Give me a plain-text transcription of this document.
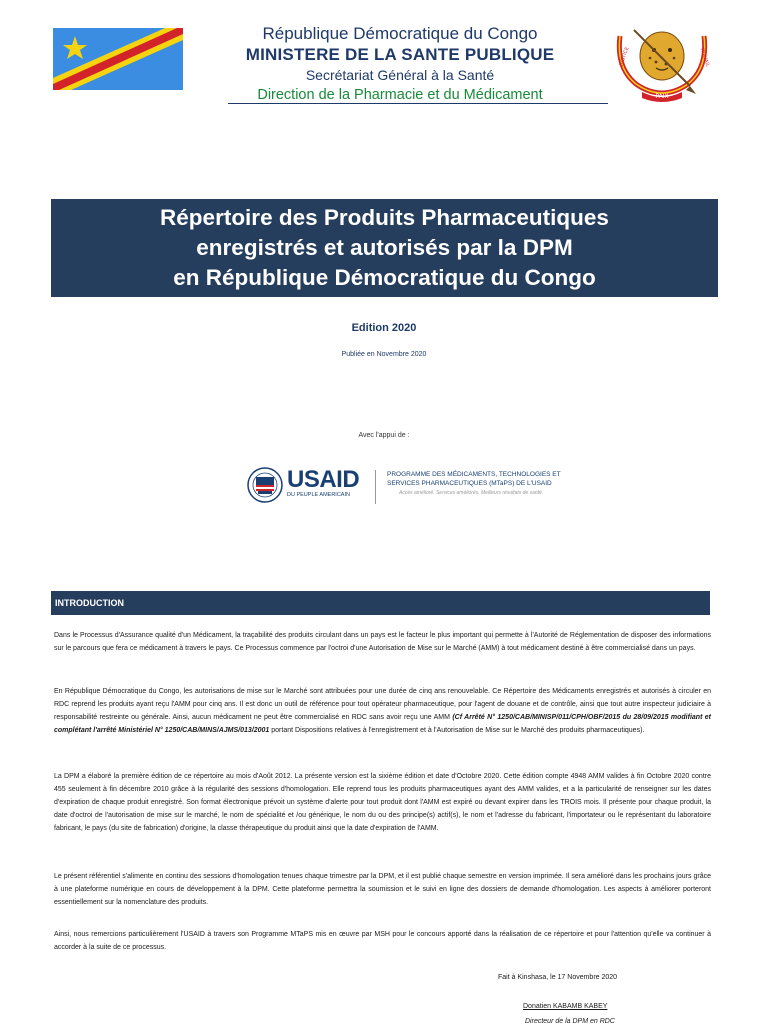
République Démocratique du Congo
MINISTERE DE LA SANTE PUBLIQUE
Secrétariat Général à la Santé
Direction de la Pharmacie et du Médicament	PAIX
JUSTICE	TRAVAIL
Répertoire des Produits Pharmaceutiques
enregistrés et autorisés par la DPM
en République Démocratique du Congo
Edition 2020
Publiée en Novembre 2020
Avec l'appui de :
USAID
DU PEUPLE AMERICAIN
PROGRAMME DES MÉDICAMENTS, TECHNOLOGIES ET
SERVICES PHARMACEUTIQUES (MTaPS) DE L'USAID
Accès amélioré. Services améliorés. Meilleurs résultats de santé.
INTRODUCTION
Dans le Processus d'Assurance qualité d'un Médicament, la traçabilité des produits circulant dans un pays est le facteur le plus important qui permette à l'Autorité de Réglementation de disposer des informations sur le parcours que fera ce médicament à travers le pays. Ce Processus commence par l'octroi d'une Autorisation de Mise sur le Marché (AMM) à tout médicament destiné à être commercialisé dans un pays.
En République Démocratique du Congo, les autorisations de mise sur le Marché sont attribuées pour une durée de cinq ans renouvelable. Ce Répertoire des Médicaments enregistrés et autorisés à circuler en RDC reprend les produits ayant reçu l'AMM pour cinq ans. Il est donc un outil de référence pour tout opérateur pharmaceutique, pour l'agent de douane et de contrôle, ainsi que tout autre inspecteur judiciaire à responsabilité restreinte ou générale. Ainsi, aucun médicament ne peut être commercialisé en RDC sans avoir reçu une AMM (Cf Arrêté N° 1250/CAB/MINISP/011/CPH/OBF/2015 du 28/09/2015 modifiant et complétant l'arrêté Ministériel N° 1250/CAB/MINS/AJMS/013/2001 portant Dispositions relatives à l'enregistrement et à l'Autorisation de Mise sur le Marché des produits pharmaceutiques).
La DPM a élaboré la première édition de ce répertoire au mois d'Août 2012. La présente version est la sixième édition et date d'Octobre 2020. Cette édition compte 4948 AMM valides à fin Octobre 2020 contre 455 seulement à fin décembre 2010 grâce à la régularité des sessions d'homologation. Elle reprend tous les produits pharmaceutiques ayant des AMM valides, et a la particularité de renseigner sur les dates d'expiration de chaque produit enregistré. Son format électronique prévoit un système d'alerte pour tout produit dont l'AMM est expiré ou devant expirer dans les TROIS mois. Il présente pour chaque produit, la date d'octroi de l'autorisation de mise sur le marché, le nom de spécialité et /ou générique, le nom du ou des principe(s) actif(s), le nom et l'adresse du fabricant, l'importateur ou le représentant du laboratoire fabricant, le pays (du site de fabrication) d'origine, la classe thérapeutique du produit ainsi que la date d'expiration de l'AMM.
Le présent référentiel s'alimente en continu des sessions d'homologation tenues chaque trimestre par la DPM, et il est publié chaque semestre en version imprimée. Il sera amélioré dans les prochains jours grâce à une plateforme numérique en cours de développement à la DPM. Cette plateforme permettra la soumission et le suivi en ligne des dossiers de demande d'homologation. Les aspects à améliorer porteront essentiellement sur la nomenclature des produits.
Ainsi, nous remercions particulièrement l'USAID à travers son Programme MTaPS mis en œuvre par MSH pour le concours apporté dans la réalisation de ce répertoire et pour l'attention qu'elle va continuer à accorder à la suite de ce processus.
Fait à Kinshasa, le 17 Novembre 2020
Donatien KABAMB KABEY
Directeur de la DPM en RDC
